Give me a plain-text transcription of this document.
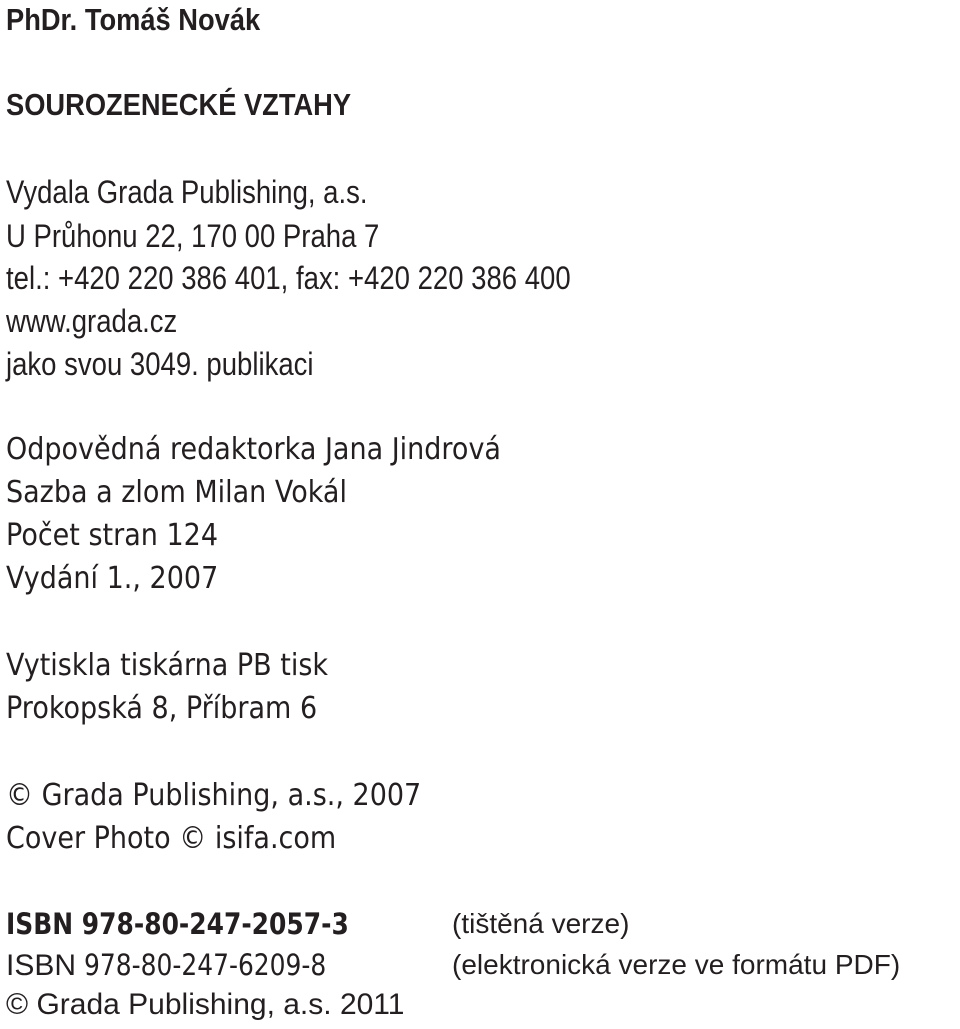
PhDr. Tomáš Novák
SOUROZENECKÉ VZTAHY
Vydala Grada Publishing, a.s.
U Průhonu 22, 170 00 Praha 7
tel.: +420 220 386 401, fax: +420 220 386 400
www.grada.cz
jako svou 3049. publikaci
Odpovědná redaktorka Jana Jindrová
Sazba a zlom Milan Vokál
Počet stran 124
Vydání 1., 2007
Vytiskla tiskárna PB tisk
Prokopská 8, Příbram 6
© Grada Publishing, a.s., 2007
Cover Photo © isifa.com
ISBN 978-80-247-2057-3	(tištěná verze)
ISBN 978-80-247-6209-8	(elektronická verze ve formátu PDF)
© Grada Publishing, a.s. 2011
